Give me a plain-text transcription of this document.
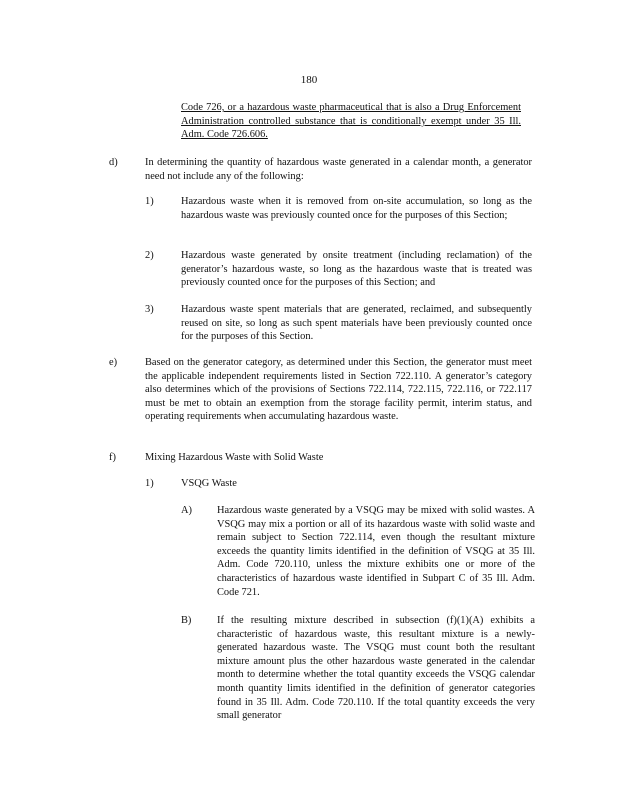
180
Code 726, or a hazardous waste pharmaceutical that is also a Drug Enforcement Administration controlled substance that is conditionally exempt under 35 Ill. Adm. Code 726.606.
d)	In determining the quantity of hazardous waste generated in a calendar month, a generator need not include any of the following:
1)	Hazardous waste when it is removed from on-site accumulation, so long as the hazardous waste was previously counted once for the purposes of this Section;
2)	Hazardous waste generated by onsite treatment (including reclamation) of the generator’s hazardous waste, so long as the hazardous waste that is treated was previously counted once for the purposes of this Section; and
3)	Hazardous waste spent materials that are generated, reclaimed, and subsequently reused on site, so long as such spent materials have been previously counted once for the purposes of this Section.
e)	Based on the generator category, as determined under this Section, the generator must meet the applicable independent requirements listed in Section 722.110. A generator’s category also determines which of the provisions of Sections 722.114, 722.115, 722.116, or 722.117 must be met to obtain an exemption from the storage facility permit, interim status, and operating requirements when accumulating hazardous waste.
f)	Mixing Hazardous Waste with Solid Waste
1)	VSQG Waste
A) Hazardous waste generated by a VSQG may be mixed with solid wastes. A VSQG may mix a portion or all of its hazardous waste with solid waste and remain subject to Section 722.114, even though the resultant mixture exceeds the quantity limits identified in the definition of VSQG at 35 Ill. Adm. Code 720.110, unless the mixture exhibits one or more of the characteristics of hazardous waste identified in Subpart C of 35 Ill. Adm. Code 721.
B) If the resulting mixture described in subsection (f)(1)(A) exhibits a characteristic of hazardous waste, this resultant mixture is a newly-generated hazardous waste. The VSQG must count both the resultant mixture amount plus the other hazardous waste generated in the calendar month to determine whether the total quantity exceeds the VSQG calendar month quantity limits identified in the definition of generator categories found in 35 Ill. Adm. Code 720.110. If the total quantity exceeds the very small generator
